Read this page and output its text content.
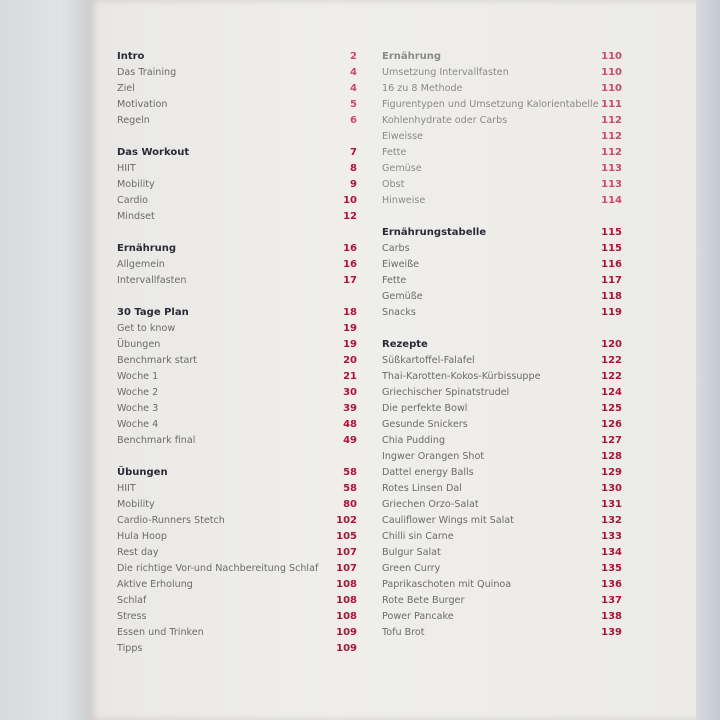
Intro	2
Das Training	4
Ziel	4
Motivation	5
Regeln	6
Das Workout	7
HIIT	8
Mobility	9
Cardio	10
Mindset	12
Ernährung	16
Allgemein	16
Intervallfasten	17
30 Tage Plan	18
Get to know	19
Übungen	19
Benchmark start	20
Woche 1	21
Woche 2	30
Woche 3	39
Woche 4	48
Benchmark final	49
Übungen	58
HIIT	58
Mobility	80
Cardio-Runners Stetch	102
Hula Hoop	105
Rest day	107
Die richtige Vor-und Nachbereitung Schlaf 107
Aktive Erholung	108
Schlaf	108
Stress	108
Essen und Trinken	109
Tipps	109
Ernährung	110
Umsetzung Intervallfasten	110
16 zu 8 Methode	110
Figurentypen und Umsetzung Kalorientabelle 111
Kohlenhydrate oder Carbs	112
Eiweisse	112
Fette	112
Gemüse	113
Obst	113
Hinweise	114
Ernährungstabelle	115
Carbs	115
Eiweiße	116
Fette	117
Gemüße	118
Snacks	119
Rezepte	120
Süßkartoffel-Falafel	122
Thai-Karotten-Kokos-Kürbissuppe	122
Griechischer Spinatstrudel	124
Die perfekte Bowl	125
Gesunde Snickers	126
Chia Pudding	127
Ingwer Orangen Shot	128
Dattel energy Balls	129
Rotes Linsen Dal	130
Griechen Orzo-Salat	131
Cauliflower Wings mit Salat	132
Chilli sin Carne	133
Bulgur Salat	134
Green Curry	135
Paprikaschoten mit Quinoa	136
Rote Bete Burger	137
Power Pancake	138
Tofu Brot	139
